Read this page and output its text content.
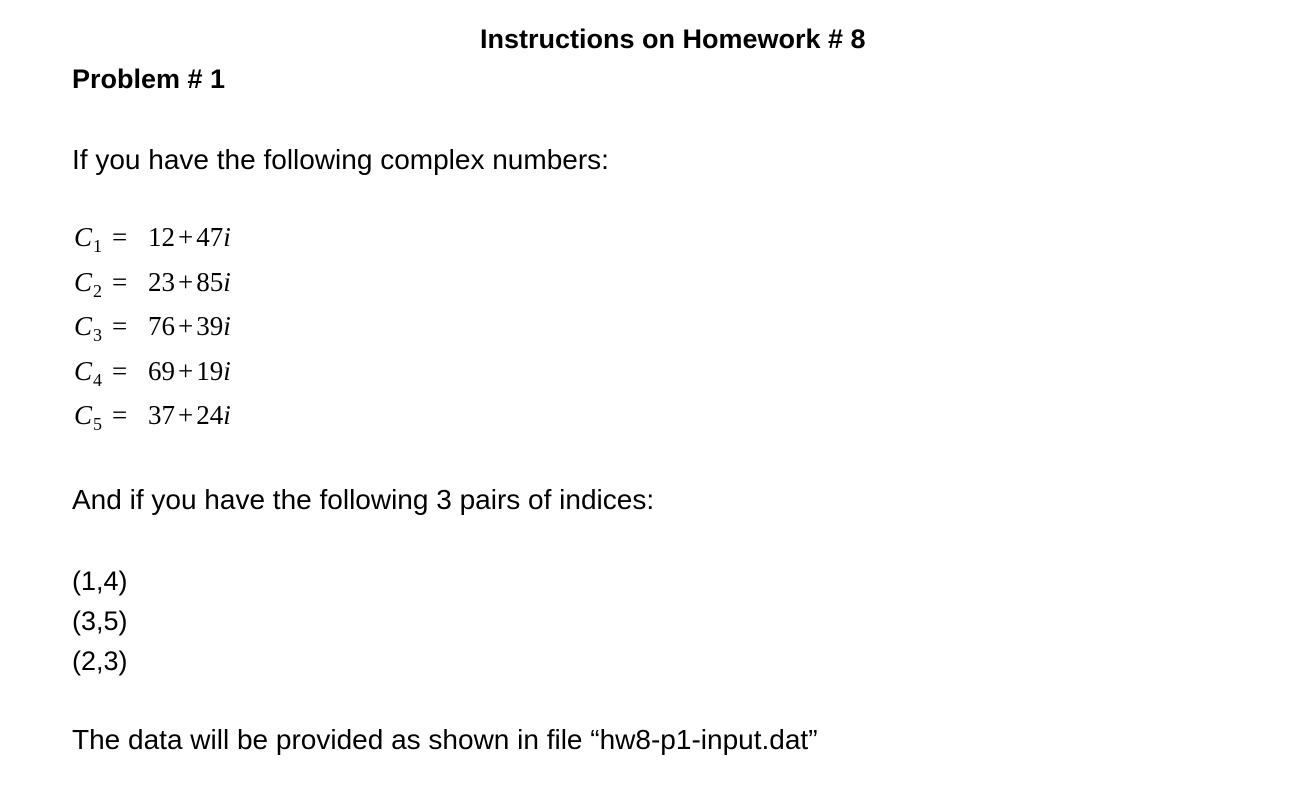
Instructions on Homework # 8
Problem # 1
If you have the following complex numbers:
$C_1 = 12 + 47i$
$C_2 = 23 + 85i$
$C_3 = 76 + 39i$
$C_4 = 69 + 19i$
$C_5 = 37 + 24i$
And if you have the following 3 pairs of indices:
(1,4)
(3,5)
(2,3)
The data will be provided as shown in file “hw8-p1-input.dat”
